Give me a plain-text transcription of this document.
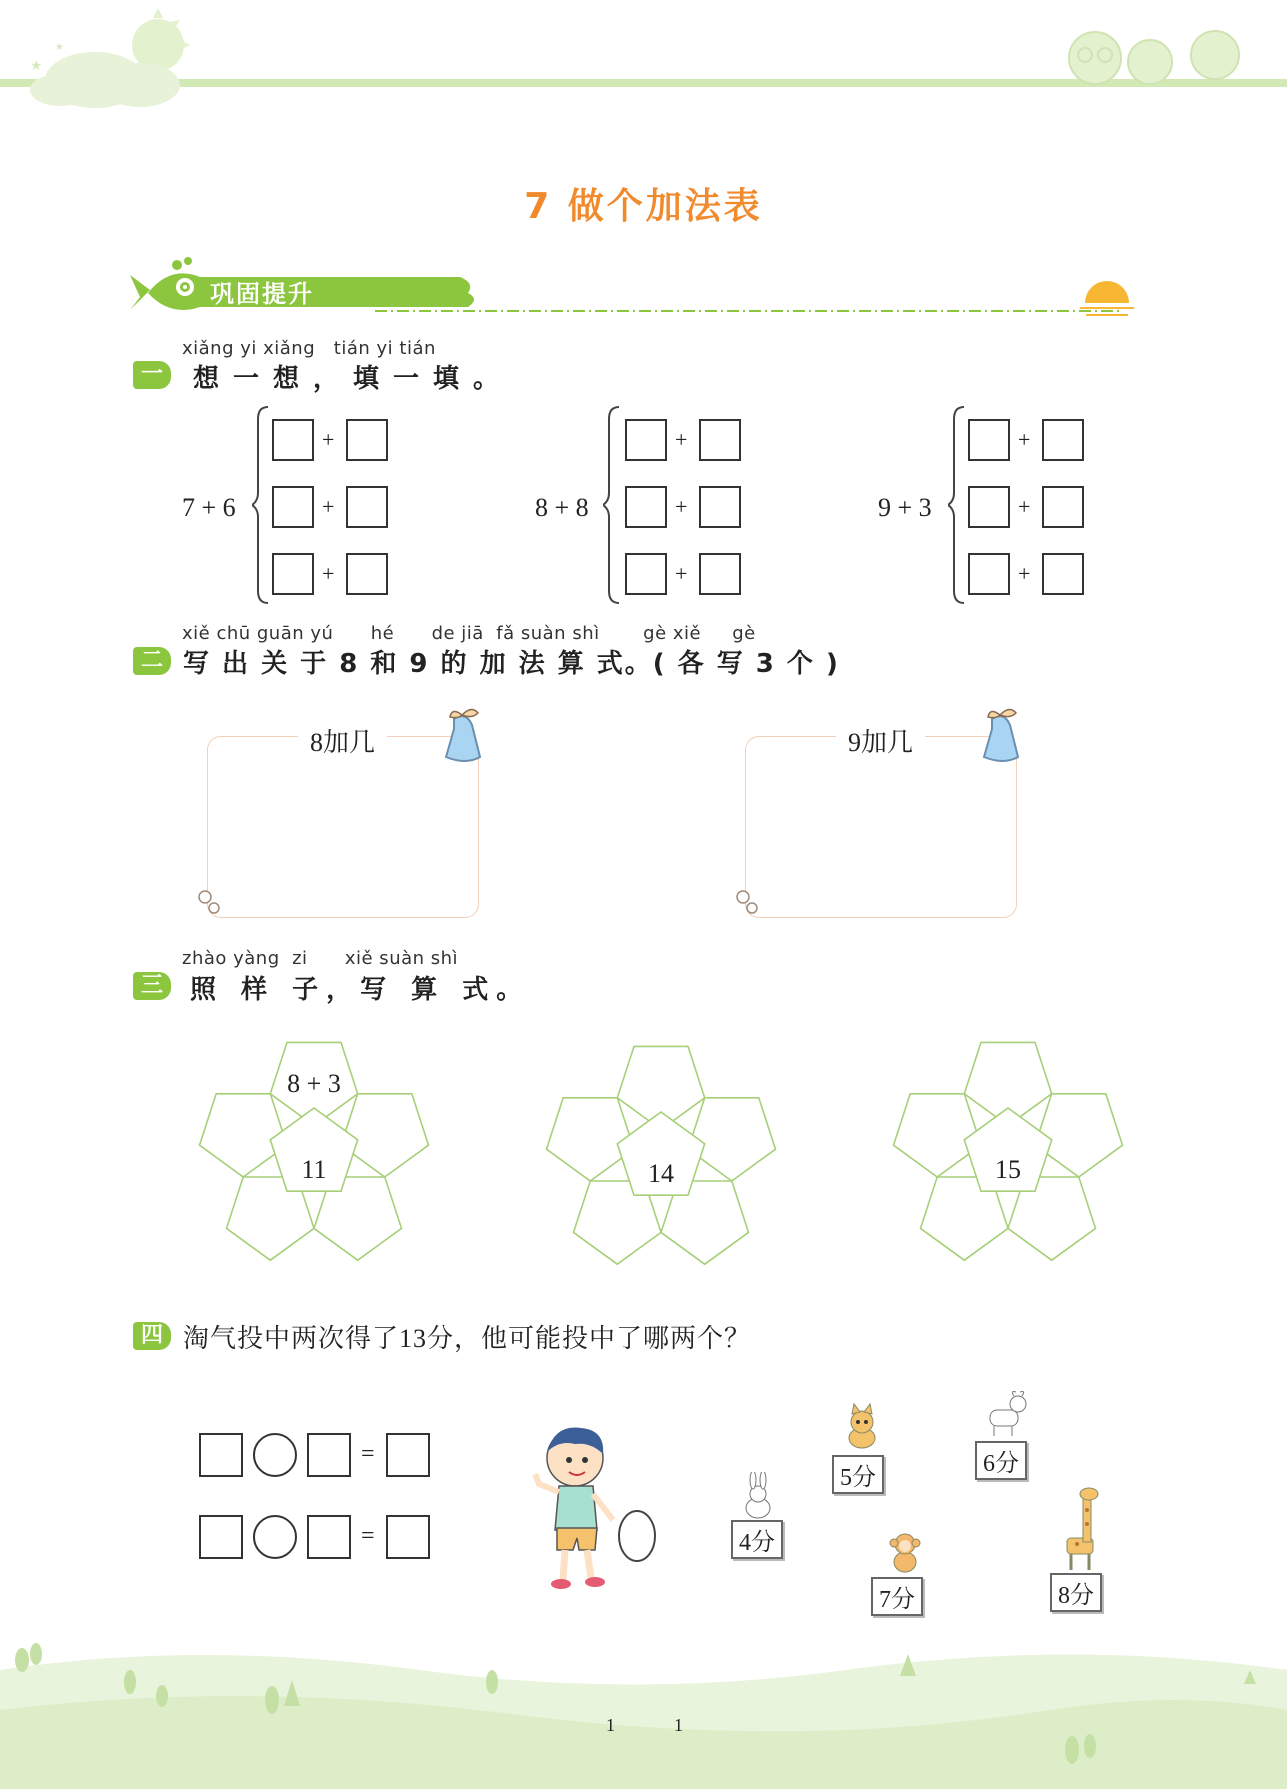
★
★
7 做个加法表
巩固提升
xiǎng yi xiǎng   tián yi tián
一	想一想，填一填。
7 + 6
+
+
+
8 + 8
+
+
+
9 + 3
+
+
+
xiě chū guān yú      hé      de jiā  fǎ suàn shì       gè xiě     gè
二 写 出 关 于 8 和 9 的 加 法 算 式。( 各 写 3 个 )
8加几	9加几
zhào yàng  zi      xiě suàn shì
三	照 样 子，写 算 式。
8 + 3
11	14	15
四 淘气投中两次得了13分，他可能投中了哪两个？
=
=	4分
5分
6分
7分	8分
1	1
